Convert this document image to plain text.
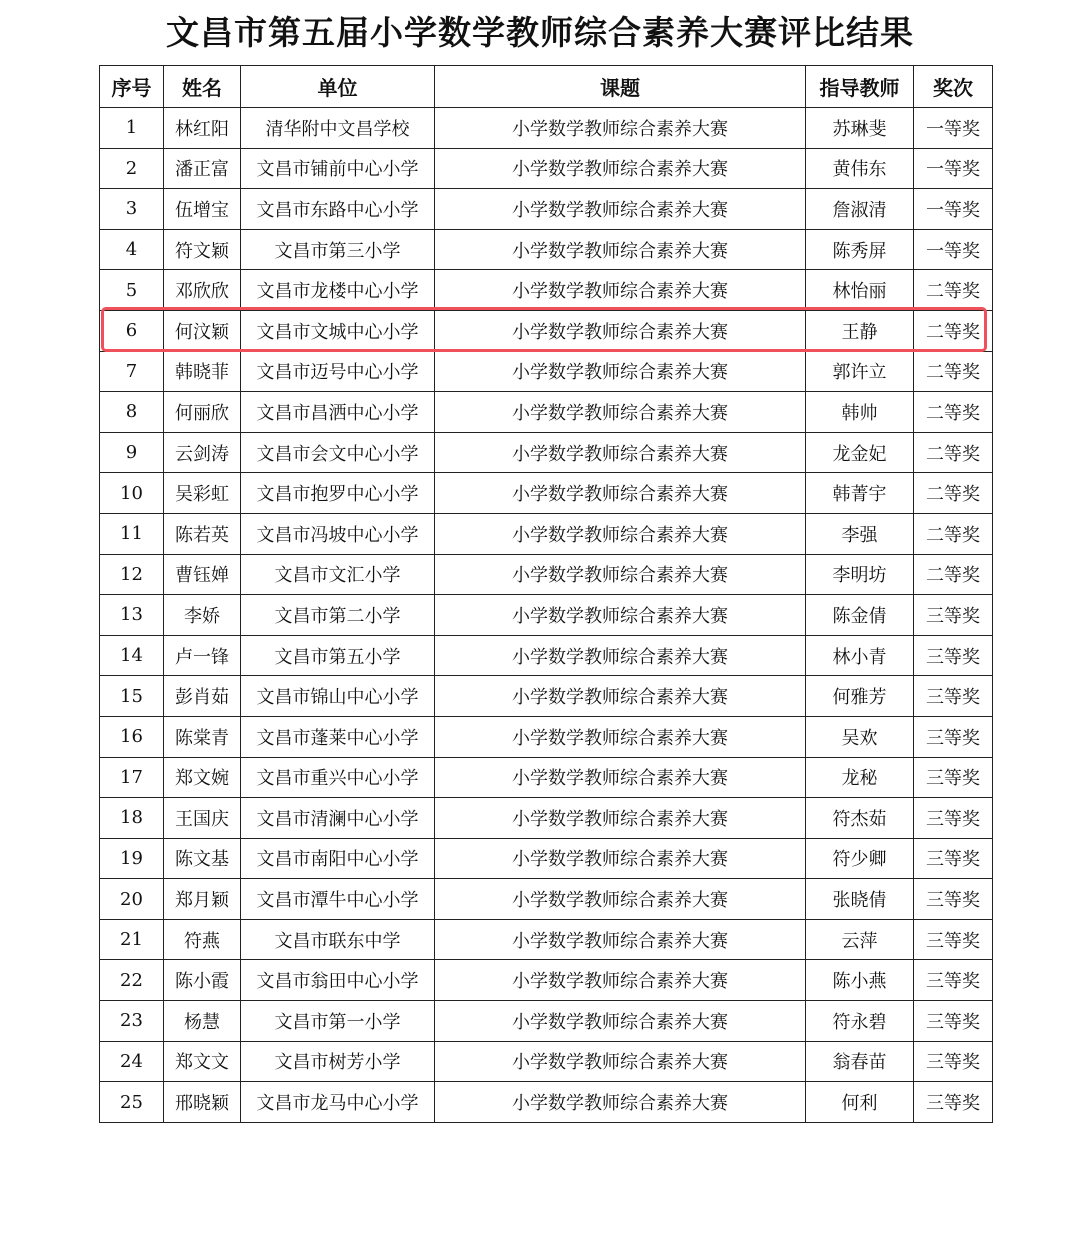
文昌市第五届小学数学教师综合素养大赛评比结果
序号	姓名	单位	课题	指导教师	奖次
1	林红阳	清华附中文昌学校	小学数学教师综合素养大赛	苏琳斐	一等奖
2	潘正富	文昌市铺前中心小学	小学数学教师综合素养大赛	黄伟东	一等奖
3	伍增宝	文昌市东路中心小学	小学数学教师综合素养大赛	詹淑清	一等奖
4	符文颖	文昌市第三小学	小学数学教师综合素养大赛	陈秀屏	一等奖
5	邓欣欣	文昌市龙楼中心小学	小学数学教师综合素养大赛	林怡丽	二等奖
6	何汶颖	文昌市文城中心小学	小学数学教师综合素养大赛	王静	二等奖
7	韩晓菲	文昌市迈号中心小学	小学数学教师综合素养大赛	郭许立	二等奖
8	何丽欣	文昌市昌洒中心小学	小学数学教师综合素养大赛	韩帅	二等奖
9	云剑涛	文昌市会文中心小学	小学数学教师综合素养大赛	龙金妃	二等奖
10	吴彩虹	文昌市抱罗中心小学	小学数学教师综合素养大赛	韩菁宇	二等奖
11	陈若英	文昌市冯坡中心小学	小学数学教师综合素养大赛	李强	二等奖
12	曹钰婵	文昌市文汇小学	小学数学教师综合素养大赛	李明坊	二等奖
13	李娇	文昌市第二小学	小学数学教师综合素养大赛	陈金倩	三等奖
14	卢一锋	文昌市第五小学	小学数学教师综合素养大赛	林小青	三等奖
15	彭肖茹	文昌市锦山中心小学	小学数学教师综合素养大赛	何雅芳	三等奖
16	陈棠青	文昌市蓬莱中心小学	小学数学教师综合素养大赛	吴欢	三等奖
17	郑文婉	文昌市重兴中心小学	小学数学教师综合素养大赛	龙秘	三等奖
18	王国庆	文昌市清澜中心小学	小学数学教师综合素养大赛	符杰茹	三等奖
19	陈文基	文昌市南阳中心小学	小学数学教师综合素养大赛	符少卿	三等奖
20	郑月颖	文昌市潭牛中心小学	小学数学教师综合素养大赛	张晓倩	三等奖
21	符燕	文昌市联东中学	小学数学教师综合素养大赛	云萍	三等奖
22	陈小霞	文昌市翁田中心小学	小学数学教师综合素养大赛	陈小燕	三等奖
23	杨慧	文昌市第一小学	小学数学教师综合素养大赛	符永碧	三等奖
24	郑文文	文昌市树芳小学	小学数学教师综合素养大赛	翁春苗	三等奖
25	邢晓颖	文昌市龙马中心小学	小学数学教师综合素养大赛	何利	三等奖
